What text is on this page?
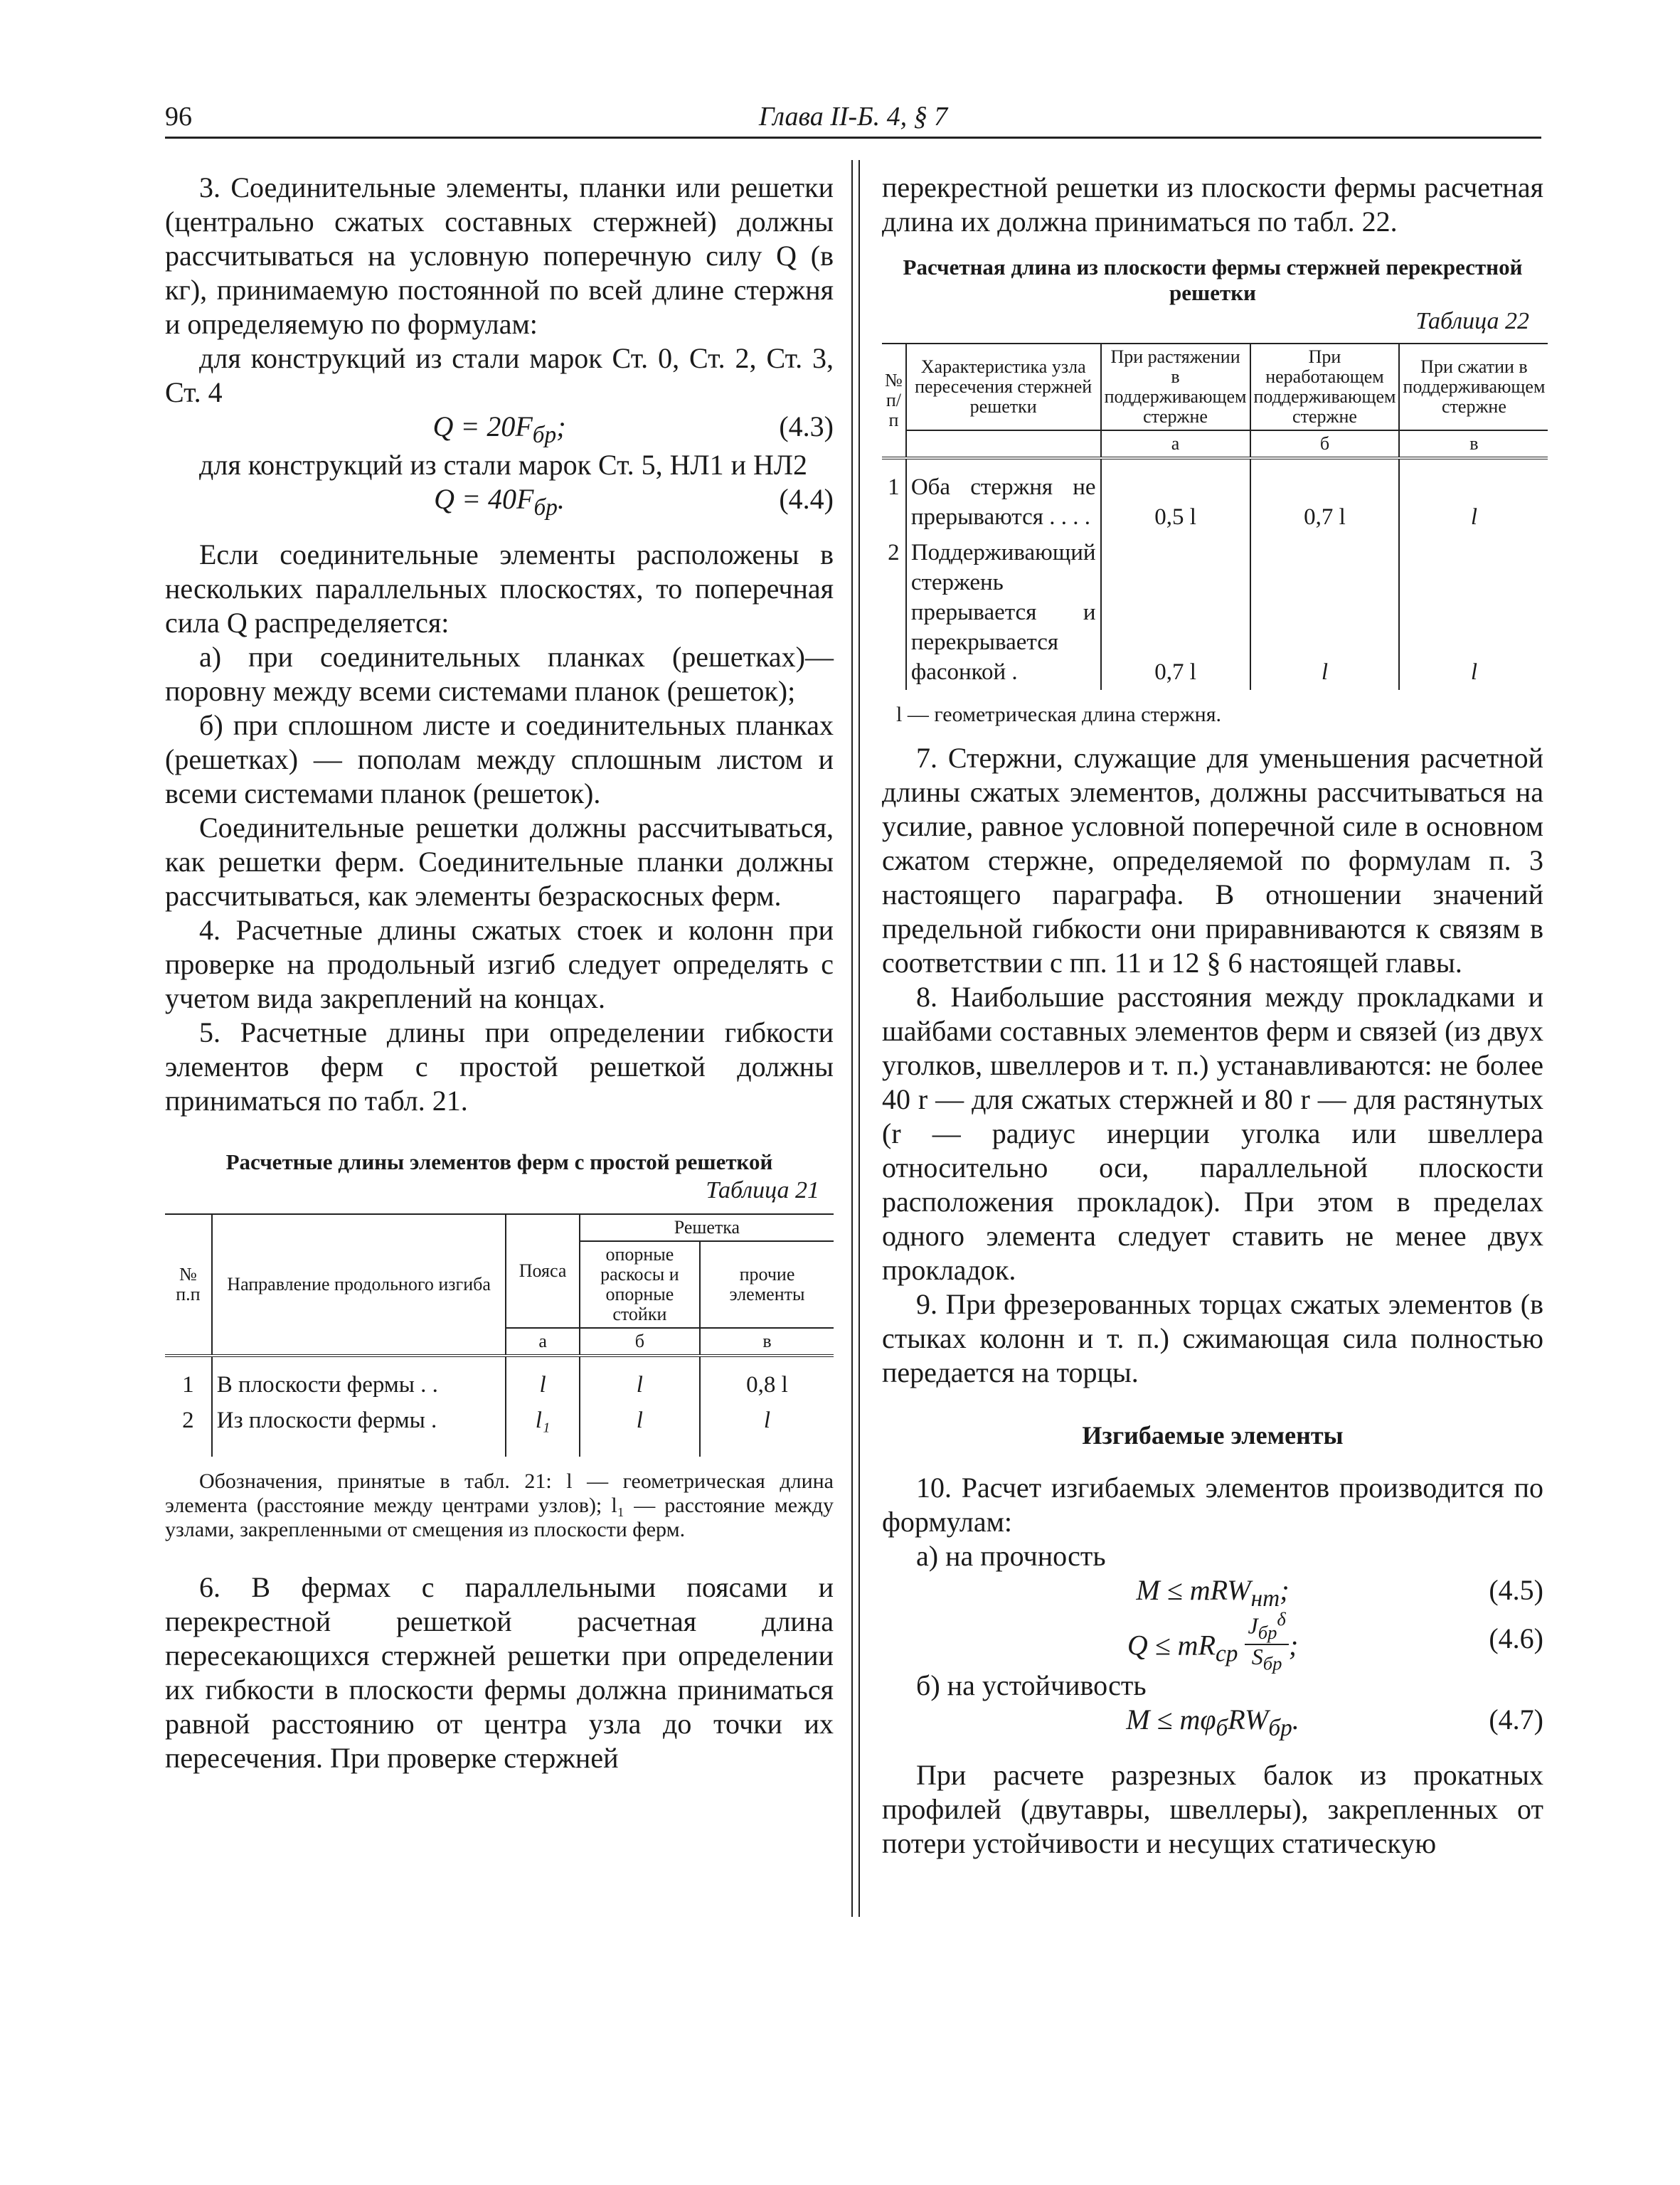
96	Глава II-Б. 4, § 7

3. Соединительные элементы, планки или решетки (центрально сжатых составных стержней) должны рассчитываться на условную поперечную силу Q (в кг), принимаемую постоянной по всей длине стержня и определяемую по формулам:

для конструкций из стали марок Ст. 0, Ст. 2, Ст. 3, Ст. 4

$Q = 20F_{бр}$;	(4.3)

для конструкций из стали марок Ст. 5, НЛ1 и НЛ2

$Q = 40F_{бр}$.	(4.4)

Если соединительные элементы расположены в нескольких параллельных плоскостях, то поперечная сила Q распределяется:

а) при соединительных планках (решетках)— поровну между всеми системами планок (решеток);

б) при сплошном листе и соединительных планках (решетках) — пополам между сплошным листом и всеми системами планок (решеток).

Соединительные решетки должны рассчитываться, как решетки ферм. Соединительные планки должны рассчитываться, как элементы безраскосных ферм.

4. Расчетные длины сжатых стоек и колонн при проверке на продольный изгиб следует определять с учетом вида закреплений на концах.

5. Расчетные длины при определении гибкости элементов ферм с простой решеткой должны приниматься по табл. 21.

Расчетные длины элементов ферм с простой решеткой
Таблица 21
№ п.п	Направление продольного изгиба	Пояса	Решетка	
			опорные раскосы и опорные стойки	прочие элементы
		а	б	в
1	В плоскости фермы . .	l	l	0,8 l
2	Из плоскости фермы .	l₁	l	l

Обозначения, принятые в табл. 21: l — геометрическая длина элемента (расстояние между центрами узлов); l₁ — расстояние между узлами, закрепленными от смещения из плоскости ферм.

6. В фермах с параллельными поясами и перекрестной решеткой расчетная длина пересекающихся стержней решетки при определении их гибкости в плоскости фермы должна приниматься равной расстоянию от центра узла до точки их пересечения. При проверке стержней

перекрестной решетки из плоскости фермы расчетная длина их должна приниматься по табл. 22.

Расчетная длина из плоскости фермы стержней перекрестной решетки
Таблица 22
№ п/п	Характеристика узла пересечения стержней решетки	При растяжении в поддерживающем стержне	При неработающем поддерживающем стержне	При сжатии в поддерживающем стержне
		а	б	в
1	Оба стержня не прерываются . . . .	0,5 l	0,7 l	l
2	Поддерживающий стержень прерывается и перекрывается фасонкой .	0,7 l	l	l

l — геометрическая длина стержня.

7. Стержни, служащие для уменьшения расчетной длины сжатых элементов, должны рассчитываться на усилие, равное условной поперечной силе в основном сжатом стержне, определяемой по формулам п. 3 настоящего параграфа. В отношении значений предельной гибкости они приравниваются к связям в соответствии с пп. 11 и 12 § 6 настоящей главы.

8. Наибольшие расстояния между прокладками и шайбами составных элементов ферм и связей (из двух уголков, швеллеров и т. п.) устанавливаются: не более 40 r — для сжатых стержней и 80 r — для растянутых (r — радиус инерции уголка или швеллера относительно оси, параллельной плоскости расположения прокладок). При этом в пределах одного элемента следует ставить не менее двух прокладок.

9. При фрезерованных торцах сжатых элементов (в стыках колонн и т. п.) сжимающая сила полностью передается на торцы.

Изгибаемые элементы

10. Расчет изгибаемых элементов производится по формулам:

а) на прочность

M ≤ mRW$_{нт}$;	(4.5)
$Q \le mR_{ср}$
$J_{бр}^\delta$
$S_{бр}$
;	(4.6)

б) на устойчивость

$M \le m\varphi_бRW_{бр}$.	(4.7)

При расчете разрезных балок из прокатных профилей (двутавры, швеллеры), закрепленных от потери устойчивости и несущих статическую
